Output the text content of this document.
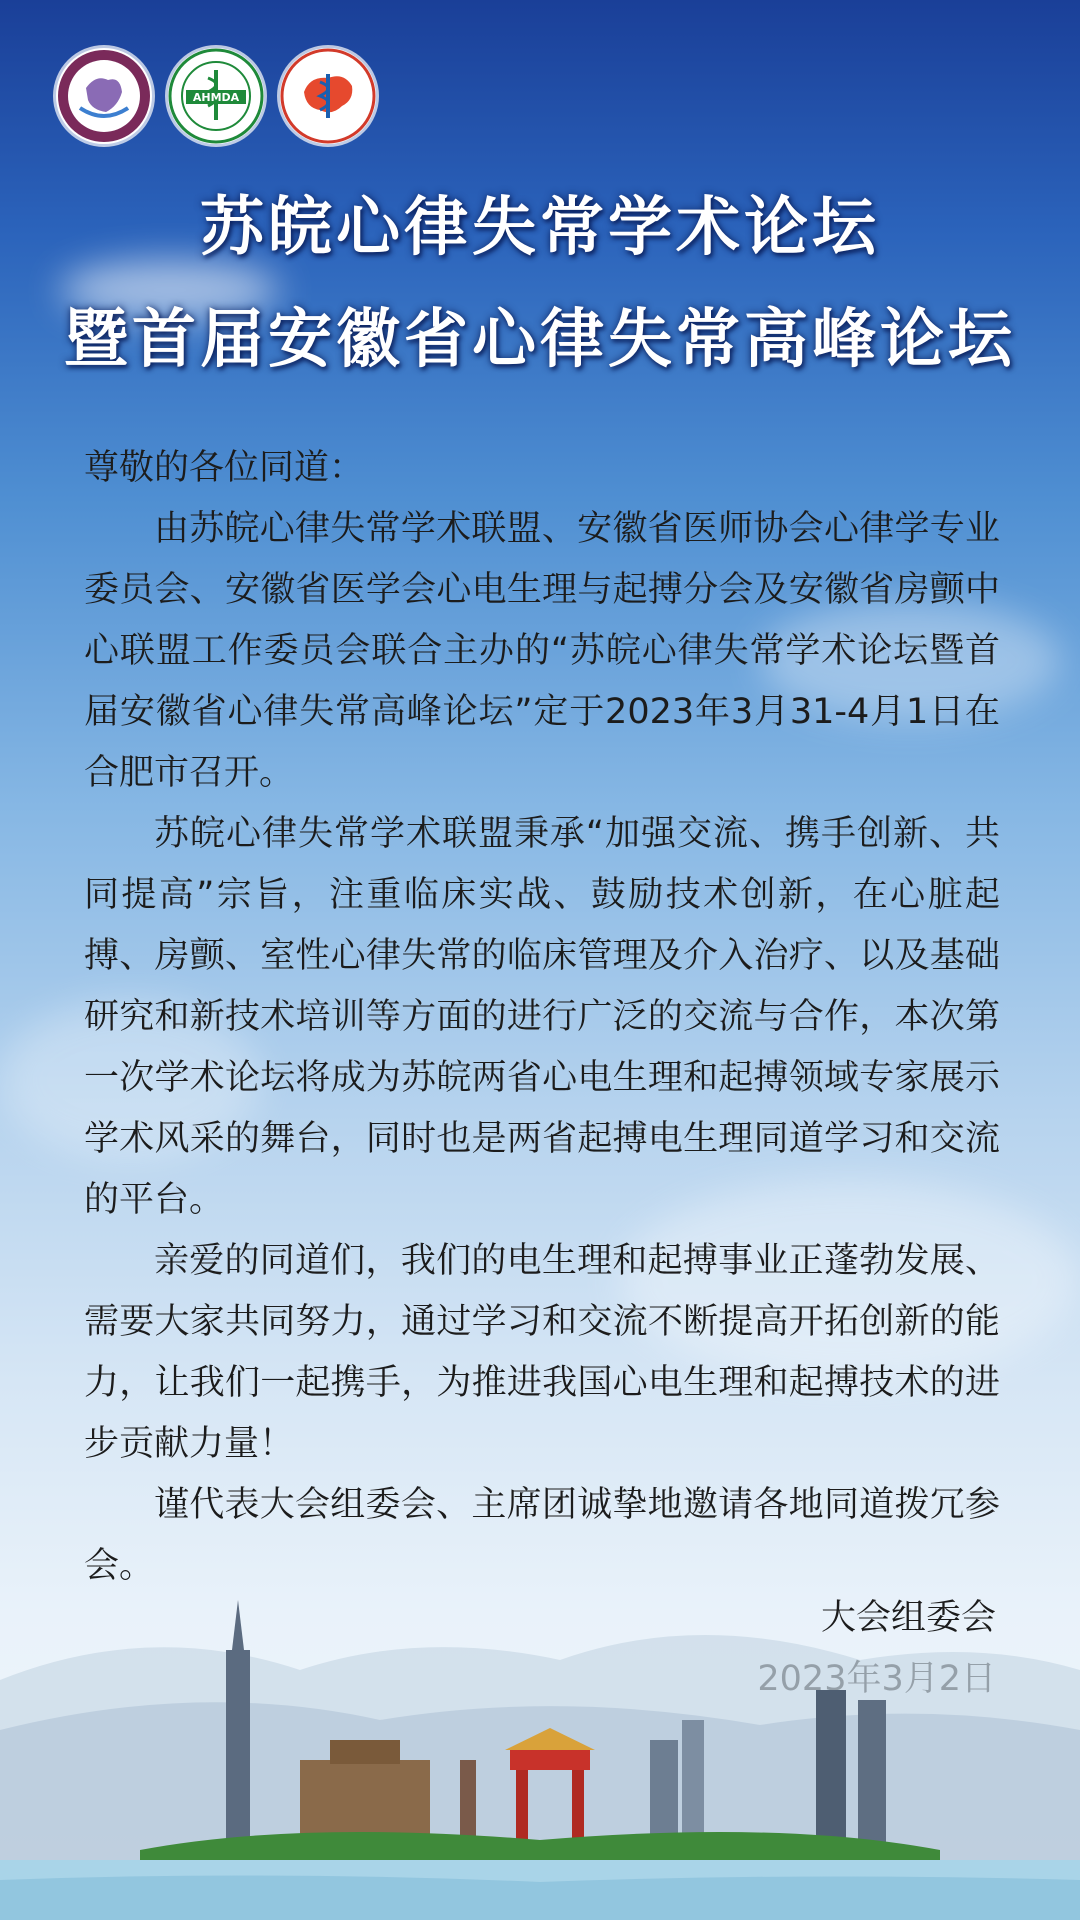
AHMDA
苏皖心律失常学术论坛
暨首届安徽省心律失常高峰论坛

尊敬的各位同道：

由苏皖心律失常学术联盟、安徽省医师协会心律学专业委员会、安徽省医学会心电生理与起搏分会及安徽省房颤中心联盟工作委员会联合主办的“苏皖心律失常学术论坛暨首届安徽省心律失常高峰论坛”定于2023年3月31-4月1日在合肥市召开。

苏皖心律失常学术联盟秉承“加强交流、携手创新、共同提高”宗旨，注重临床实战、鼓励技术创新，在心脏起搏、房颤、室性心律失常的临床管理及介入治疗、以及基础研究和新技术培训等方面的进行广泛的交流与合作，本次第一次学术论坛将成为苏皖两省心电生理和起搏领域专家展示学术风采的舞台，同时也是两省起搏电生理同道学习和交流的平台。

亲爱的同道们，我们的电生理和起搏事业正蓬勃发展、需要大家共同努力，通过学习和交流不断提高开拓创新的能力，让我们一起携手，为推进我国心电生理和起搏技术的进步贡献力量！

谨代表大会组委会、主席团诚挚地邀请各地同道拨冗参会。

大会组委会
